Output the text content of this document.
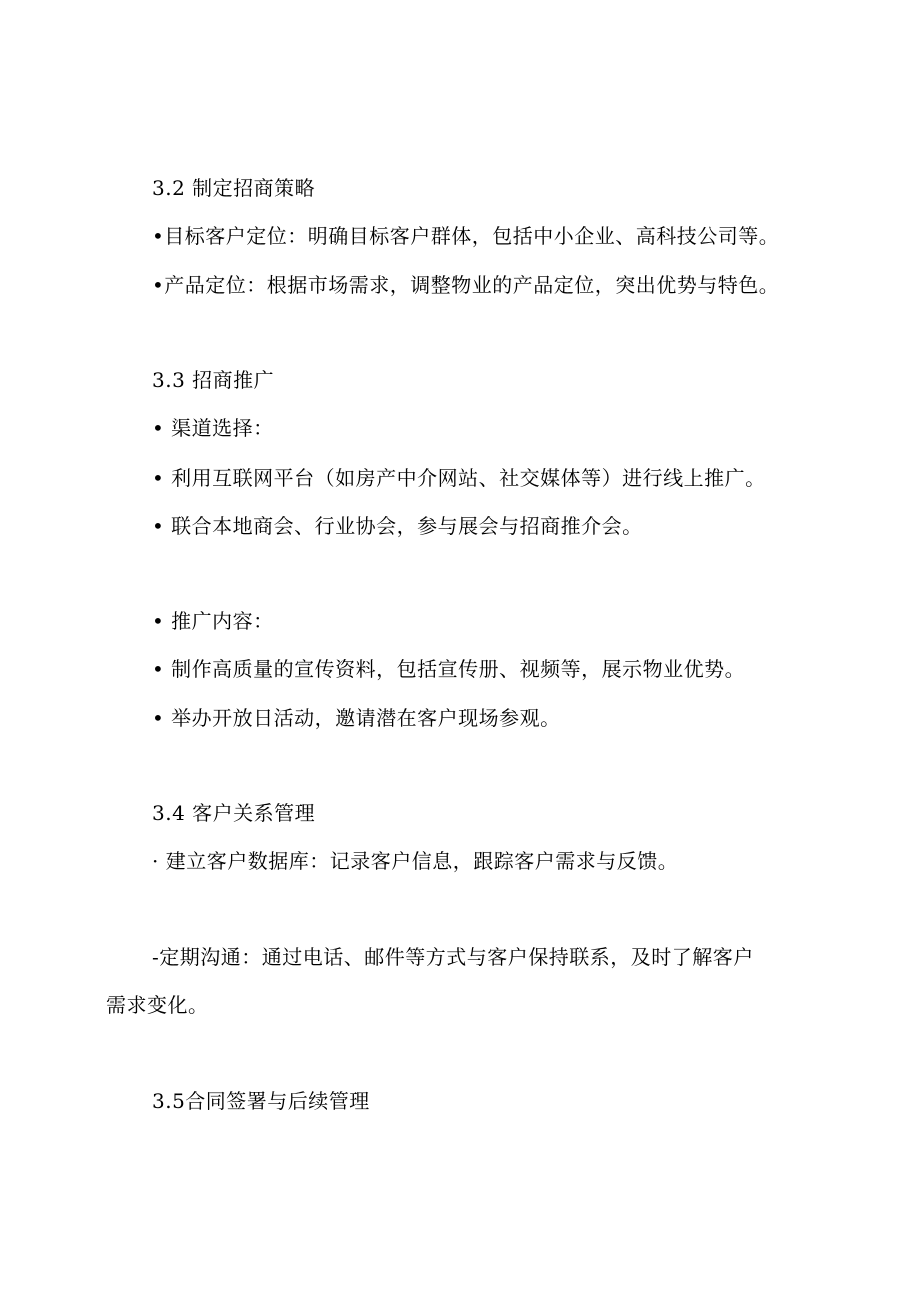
3.2 制定招商策略
•目标客户定位：明确目标客户群体，包括中小企业、高科技公司等。
•产品定位：根据市场需求，调整物业的产品定位，突出优势与特色。
3.3 招商推广
• 渠道选择：
• 利用互联网平台（如房产中介网站、社交媒体等）进行线上推广。
• 联合本地商会、行业协会，参与展会与招商推介会。
• 推广内容：
• 制作高质量的宣传资料，包括宣传册、视频等，展示物业优势。
• 举办开放日活动，邀请潜在客户现场参观。
3.4 客户关系管理
· 建立客户数据库：记录客户信息，跟踪客户需求与反馈。
-定期沟通：通过电话、邮件等方式与客户保持联系，及时了解客户
需求变化。
3.5合同签署与后续管理
